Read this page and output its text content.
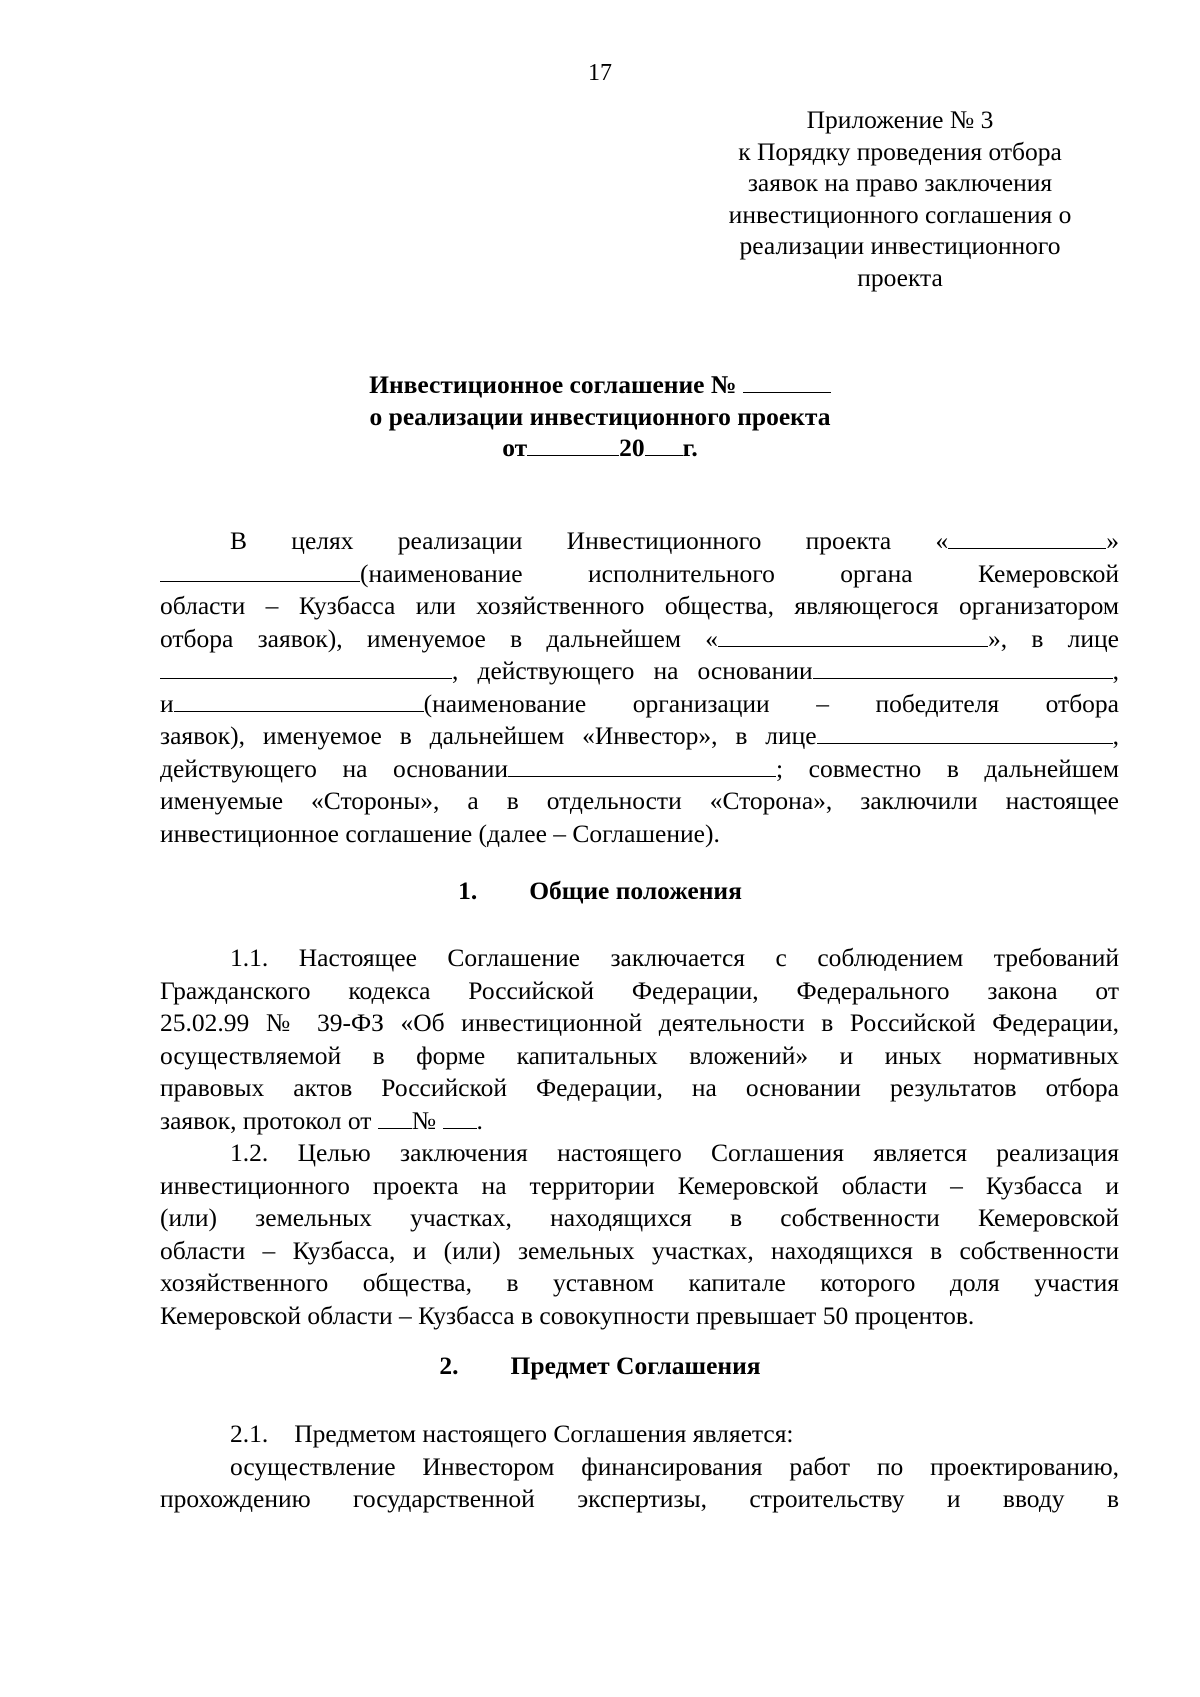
17
Приложение № 3
к Порядку проведения отбора
заявок на право заключения
инвестиционного соглашения о
реализации инвестиционного
проекта
Инвестиционное соглашение №
о реализации инвестиционного проекта
от	20 г.
В целях реализации Инвестиционного проекта «	»
(наименование исполнительного органа Кемеровской
области – Кузбасса или хозяйственного общества, являющегося организатором
отбора заявок), именуемое в дальнейшем «	», в лице
, действующего на основании	,
и	(наименование организации – победителя отбора
заявок), именуемое в дальнейшем «Инвестор», в лице	,
действующего на основании	; совместно в дальнейшем
именуемые «Стороны», а в отдельности «Сторона», заключили настоящее
инвестиционное соглашение (далее – Соглашение).
1. Общие положения
1.1. Настоящее Соглашение заключается с соблюдением требований
Гражданского кодекса Российской Федерации, Федерального закона от
25.02.99 № 39-ФЗ «Об инвестиционной деятельности в Российской Федерации,
осуществляемой в форме капитальных вложений» и иных нормативных
правовых актов Российской Федерации, на основании результатов отбора
заявок, протокол от № .
1.2. Целью заключения настоящего Соглашения является реализация
инвестиционного проекта на территории Кемеровской области – Кузбасса и
(или) земельных участках, находящихся в собственности Кемеровской
области – Кузбасса, и (или) земельных участках, находящихся в собственности
хозяйственного общества, в уставном капитале которого доля участия
Кемеровской области – Кузбасса в совокупности превышает 50 процентов.
2. Предмет Соглашения
2.1. Предметом настоящего Соглашения является:
осуществление Инвестором финансирования работ по проектированию,
прохождению государственной экспертизы, строительству и вводу в
